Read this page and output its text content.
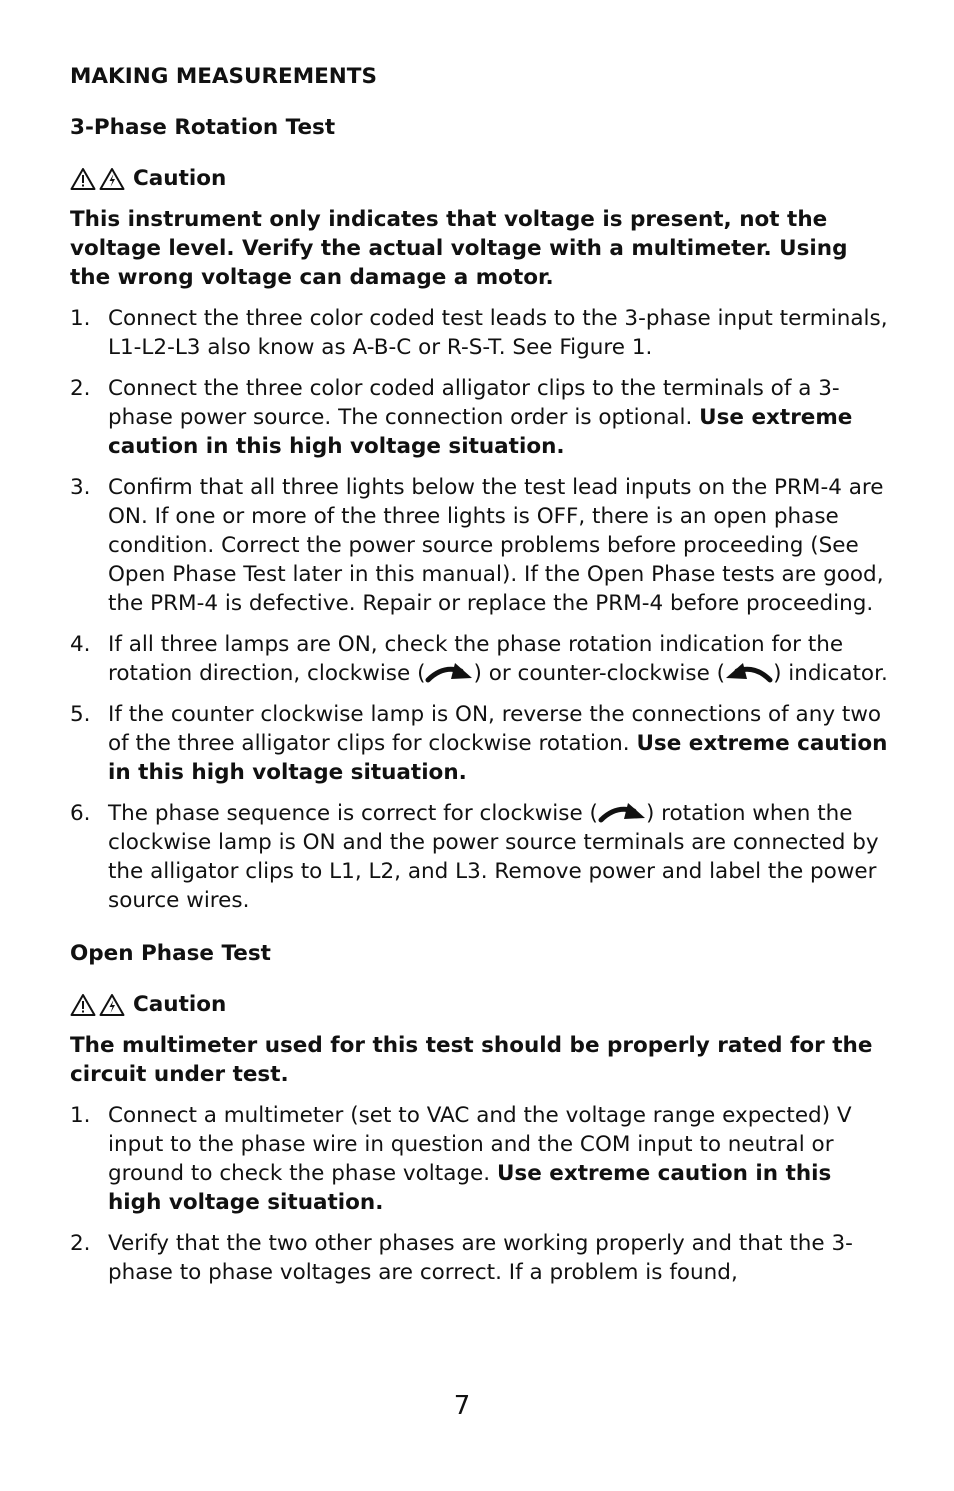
MAKING MEASUREMENTS

3-Phase Rotation Test

Caution

This instrument only indicates that voltage is present, not the voltage level. Verify the actual voltage with a multimeter. Using the wrong voltage can damage a motor.

1. Connect the three color coded test leads to the 3-phase input terminals, L1-L2-L3 also know as A-B-C or R-S-T. See Figure 1.
2. Connect the three color coded alligator clips to the terminals of a 3-phase power source. The connection order is optional. Use extreme caution in this high voltage situation.
3. Confirm that all three lights below the test lead inputs on the PRM-4 are ON. If one or more of the three lights is OFF, there is an open phase condition. Correct the power source problems before proceeding (See Open Phase Test later in this manual). If the Open Phase tests are good, the PRM-4 is defective. Repair or replace the PRM-4 before proceeding.
4. If all three lamps are ON, check the phase rotation indication for the rotation direction, clockwise ( ) or counter-clockwise ( ) indicator.
5. If the counter clockwise lamp is ON, reverse the connections of any two of the three alligator clips for clockwise rotation. Use extreme caution in this high voltage situation.
6. The phase sequence is correct for clockwise ( ) rotation when the clockwise lamp is ON and the power source terminals are connected by the alligator clips to L1, L2, and L3. Remove power and label the power source wires.

Open Phase Test

Caution

The multimeter used for this test should be properly rated for the circuit under test.

1. Connect a multimeter (set to VAC and the voltage range expected) V input to the phase wire in question and the COM input to neutral or ground to check the phase voltage. Use extreme caution in this high voltage situation.
2. Verify that the two other phases are working properly and that the 3-phase to phase voltages are correct. If a problem is found,
7
